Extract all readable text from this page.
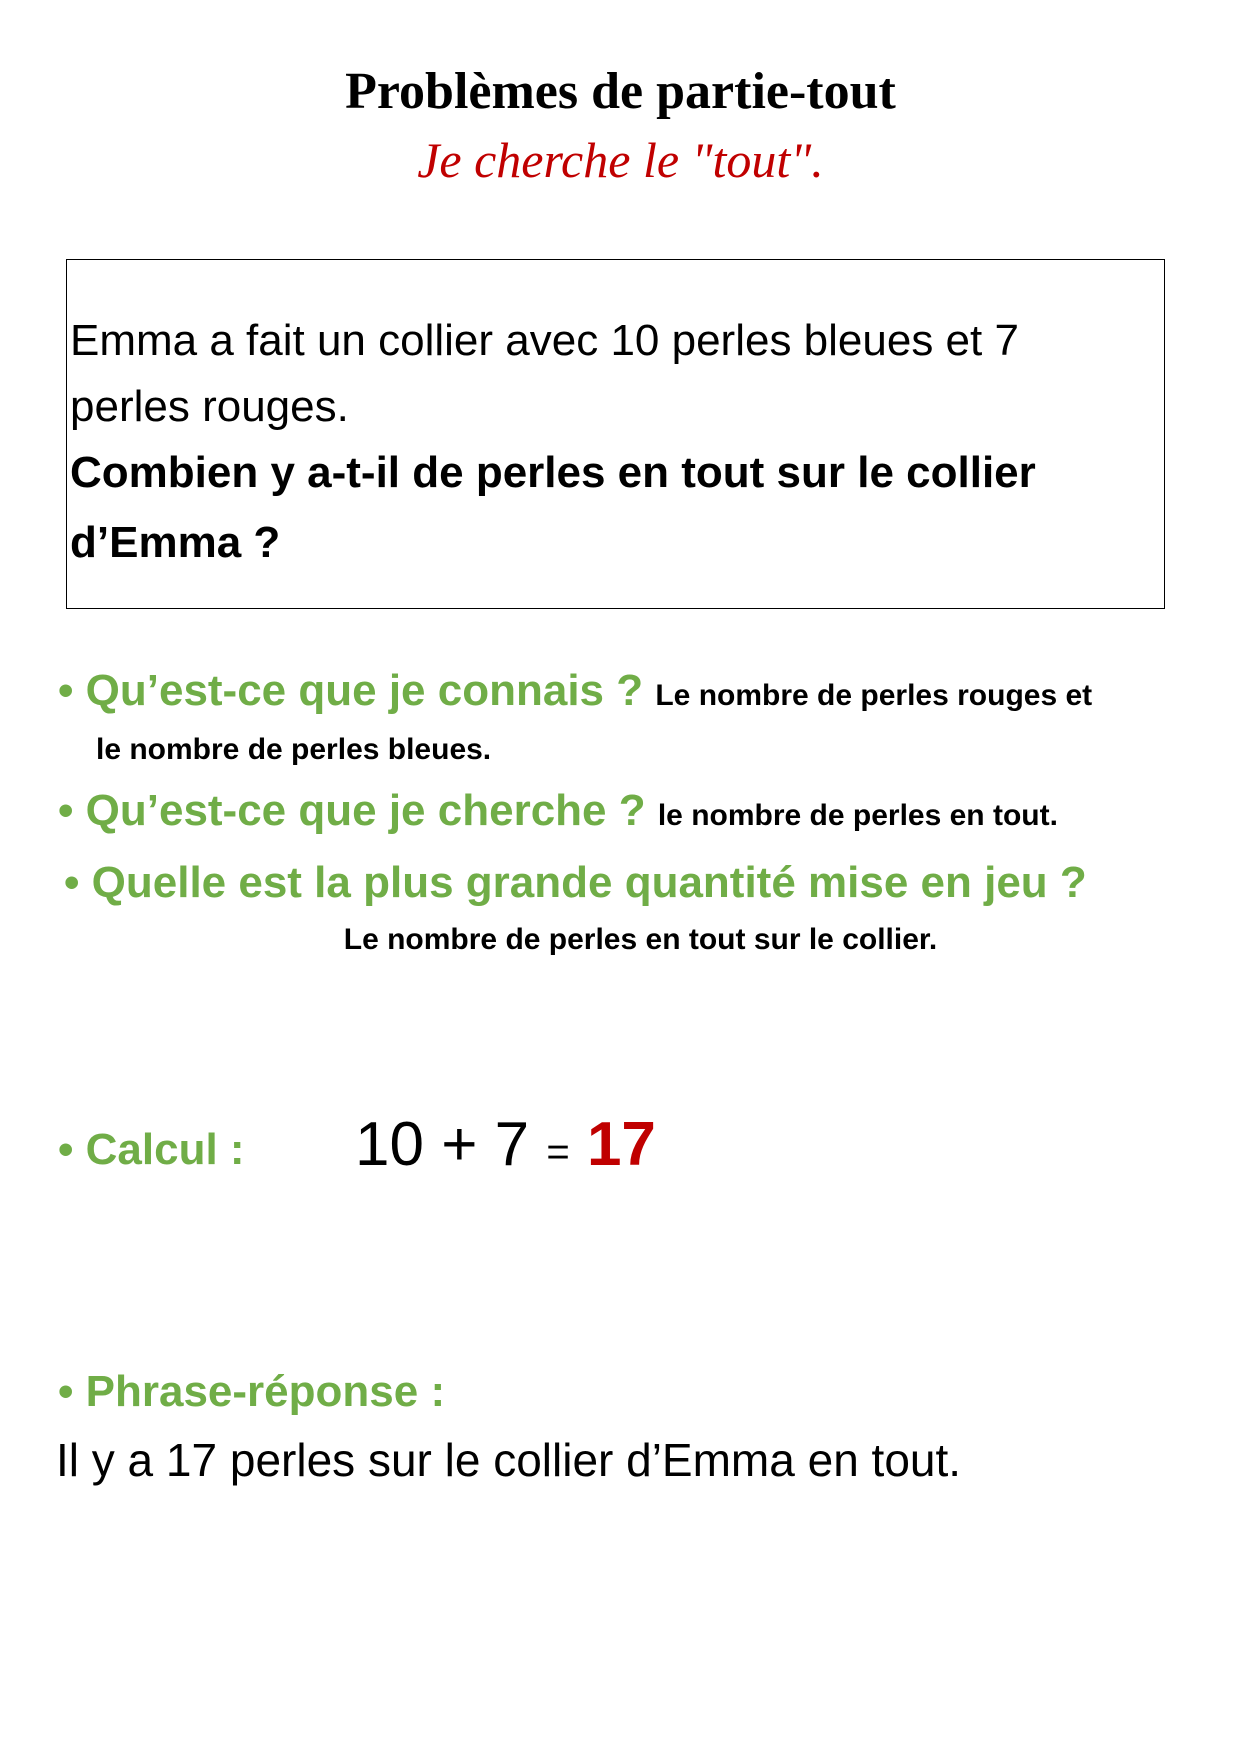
Problèmes de partie-tout
Je cherche le "tout".

Emma a fait un collier avec 10 perles bleues et 7 perles rouges.

Combien y a-t-il de perles en tout sur le collier d’Emma ?

• Qu’est-ce que je connais ? Le nombre de perles rouges et
le nombre de perles bleues.
• Qu’est-ce que je cherche ? le nombre de perles en tout.
• Quelle est la plus grande quantité mise en jeu ?
Le nombre de perles en tout sur le collier.
• Calcul : 10 + 7 = 17
• Phrase-réponse :
Il y a 17 perles sur le collier d’Emma en tout.
